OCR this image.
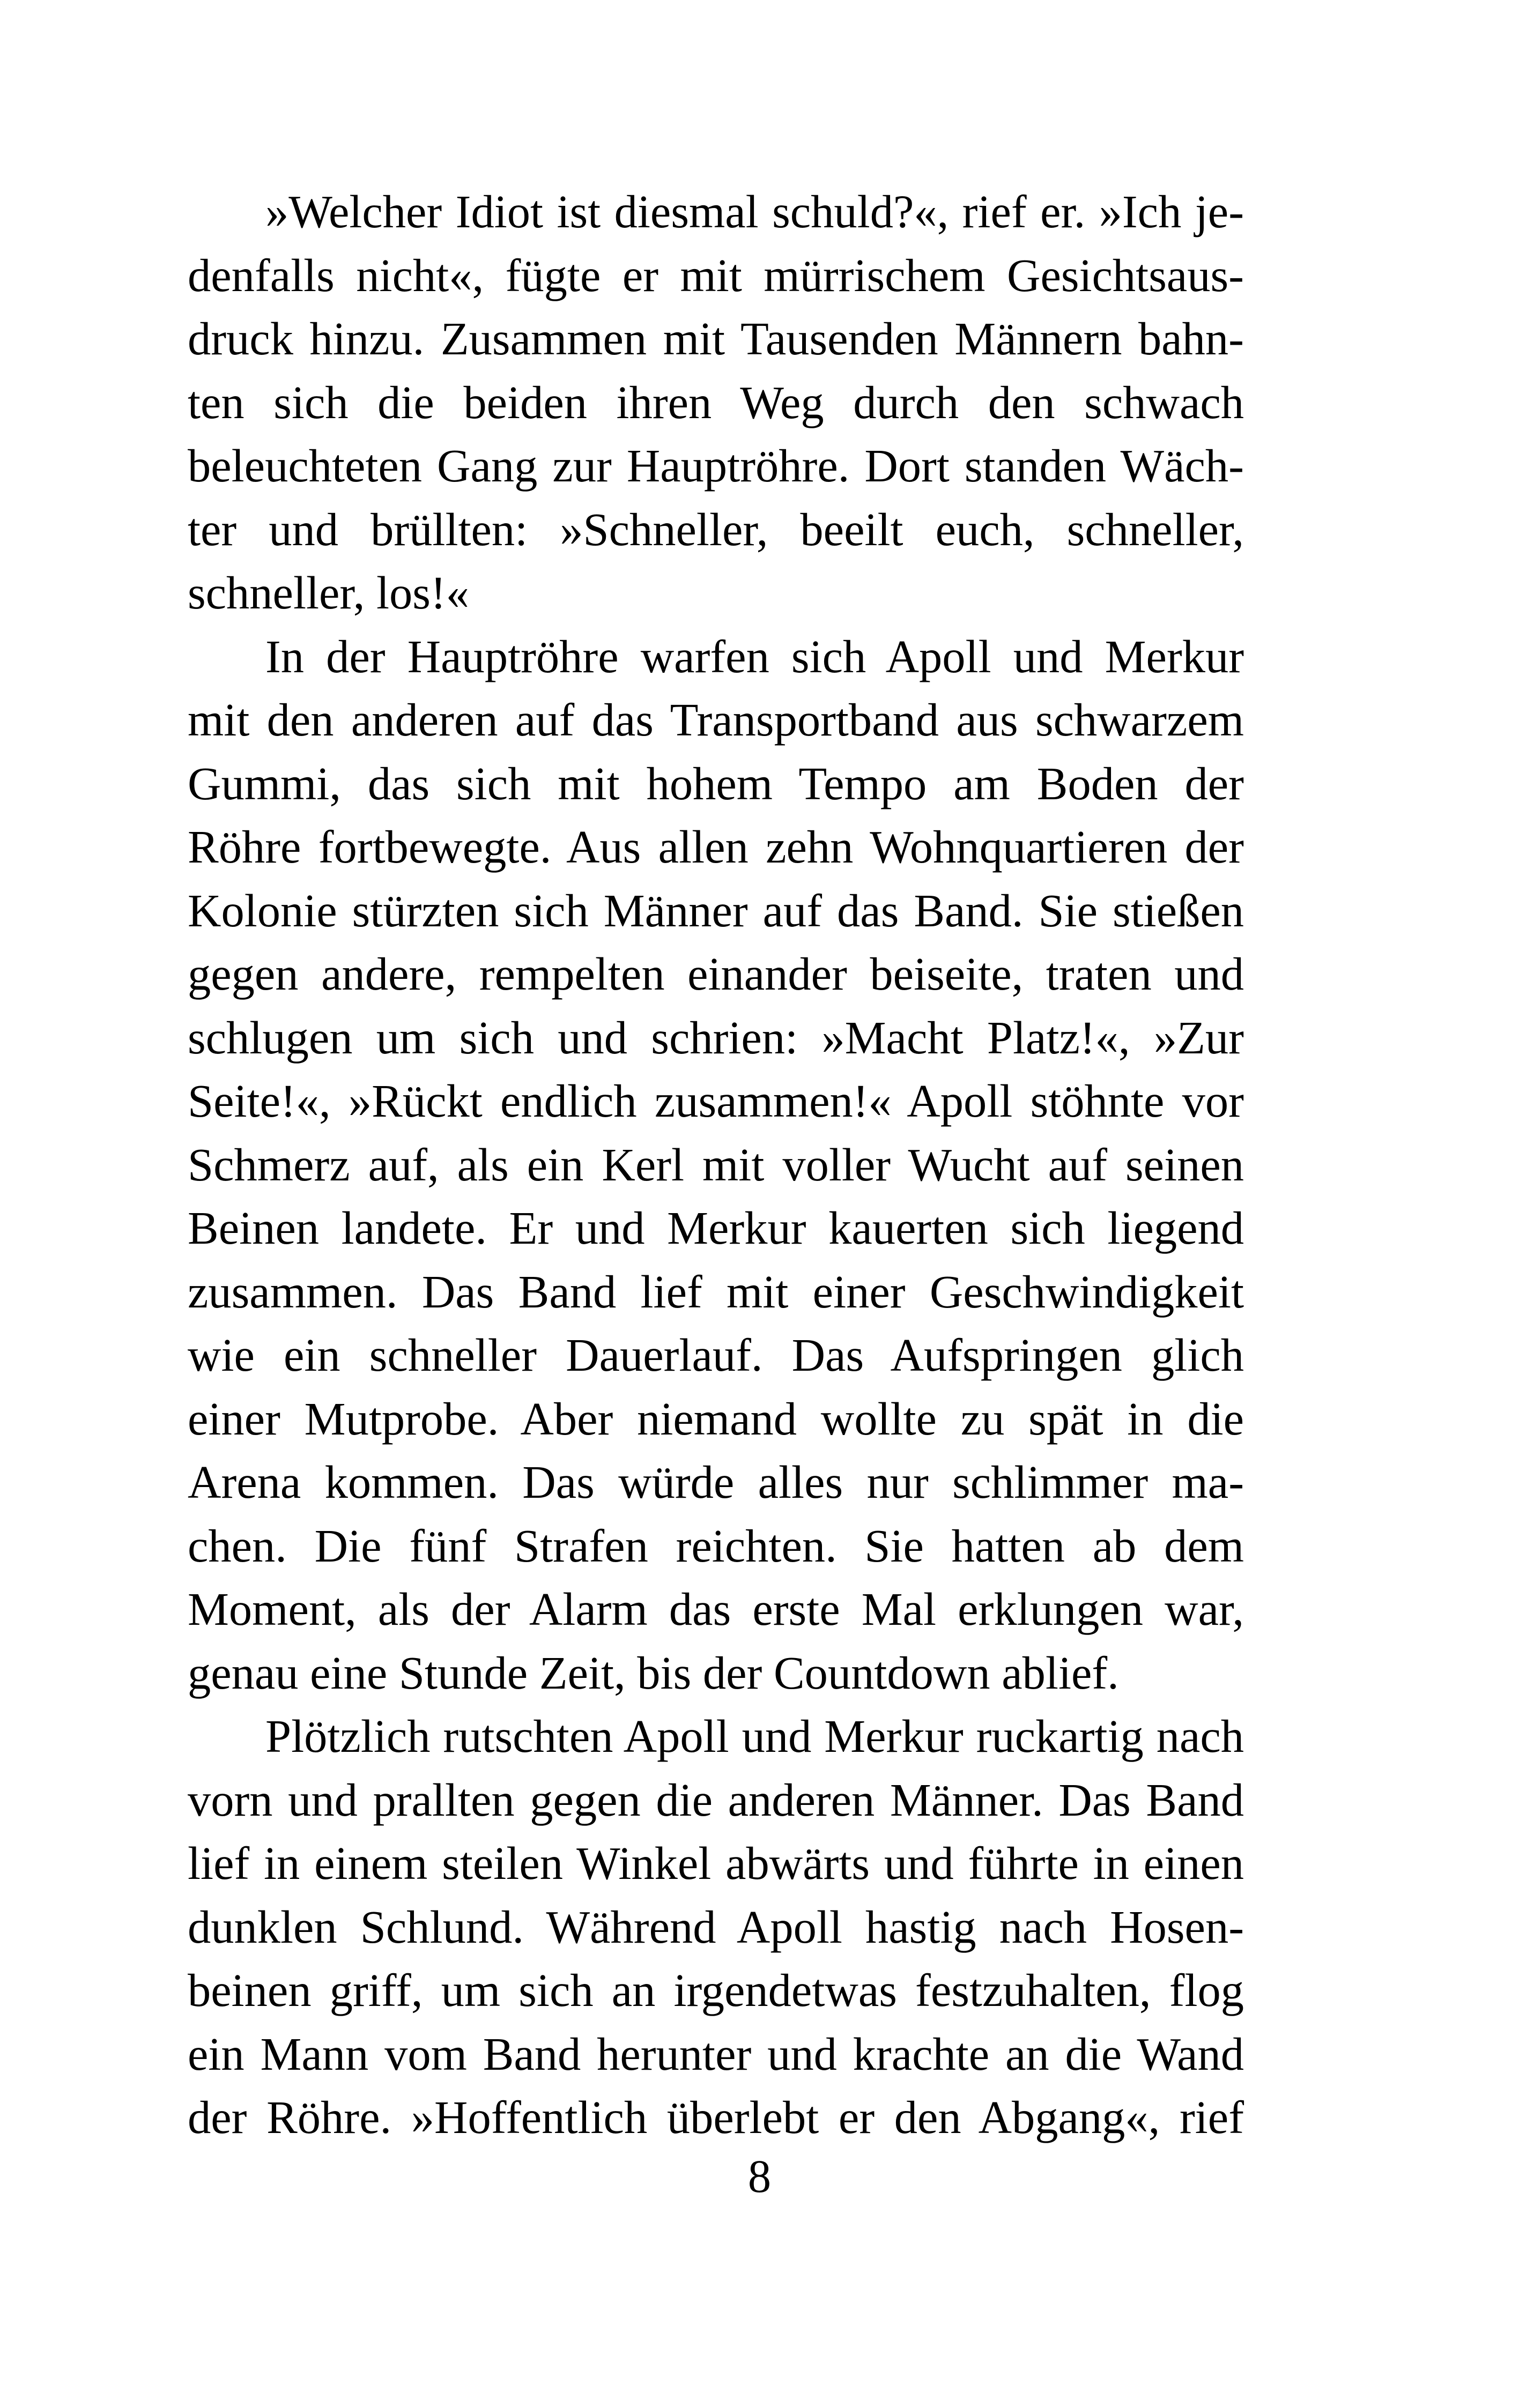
»Welcher Idiot ist diesmal schuld?«, rief er. »Ich je-
denfalls nicht«, fügte er mit mürrischem Gesichtsaus-
druck hinzu. Zusammen mit Tausenden Männern bahn-
ten sich die beiden ihren Weg durch den schwach
beleuchteten Gang zur Hauptröhre. Dort standen Wäch-
ter und brüllten: »Schneller, beeilt euch, schneller,
schneller, los!«
In der Hauptröhre warfen sich Apoll und Merkur
mit den anderen auf das Transportband aus schwarzem
Gummi, das sich mit hohem Tempo am Boden der
Röhre fortbewegte. Aus allen zehn Wohnquartieren der
Kolonie stürzten sich Männer auf das Band. Sie stießen
gegen andere, rempelten einander beiseite, traten und
schlugen um sich und schrien: »Macht Platz!«, »Zur
Seite!«, »Rückt endlich zusammen!« Apoll stöhnte vor
Schmerz auf, als ein Kerl mit voller Wucht auf seinen
Beinen landete. Er und Merkur kauerten sich liegend
zusammen. Das Band lief mit einer Geschwindigkeit
wie ein schneller Dauerlauf. Das Aufspringen glich
einer Mutprobe. Aber niemand wollte zu spät in die
Arena kommen. Das würde alles nur schlimmer ma-
chen. Die fünf Strafen reichten. Sie hatten ab dem
Moment, als der Alarm das erste Mal erklungen war,
genau eine Stunde Zeit, bis der Countdown ablief.
Plötzlich rutschten Apoll und Merkur ruckartig nach
vorn und prallten gegen die anderen Männer. Das Band
lief in einem steilen Winkel abwärts und führte in einen
dunklen Schlund. Während Apoll hastig nach Hosen-
beinen griff, um sich an irgendetwas festzuhalten, flog
ein Mann vom Band herunter und krachte an die Wand
der Röhre. »Hoffentlich überlebt er den Abgang«, rief
8
